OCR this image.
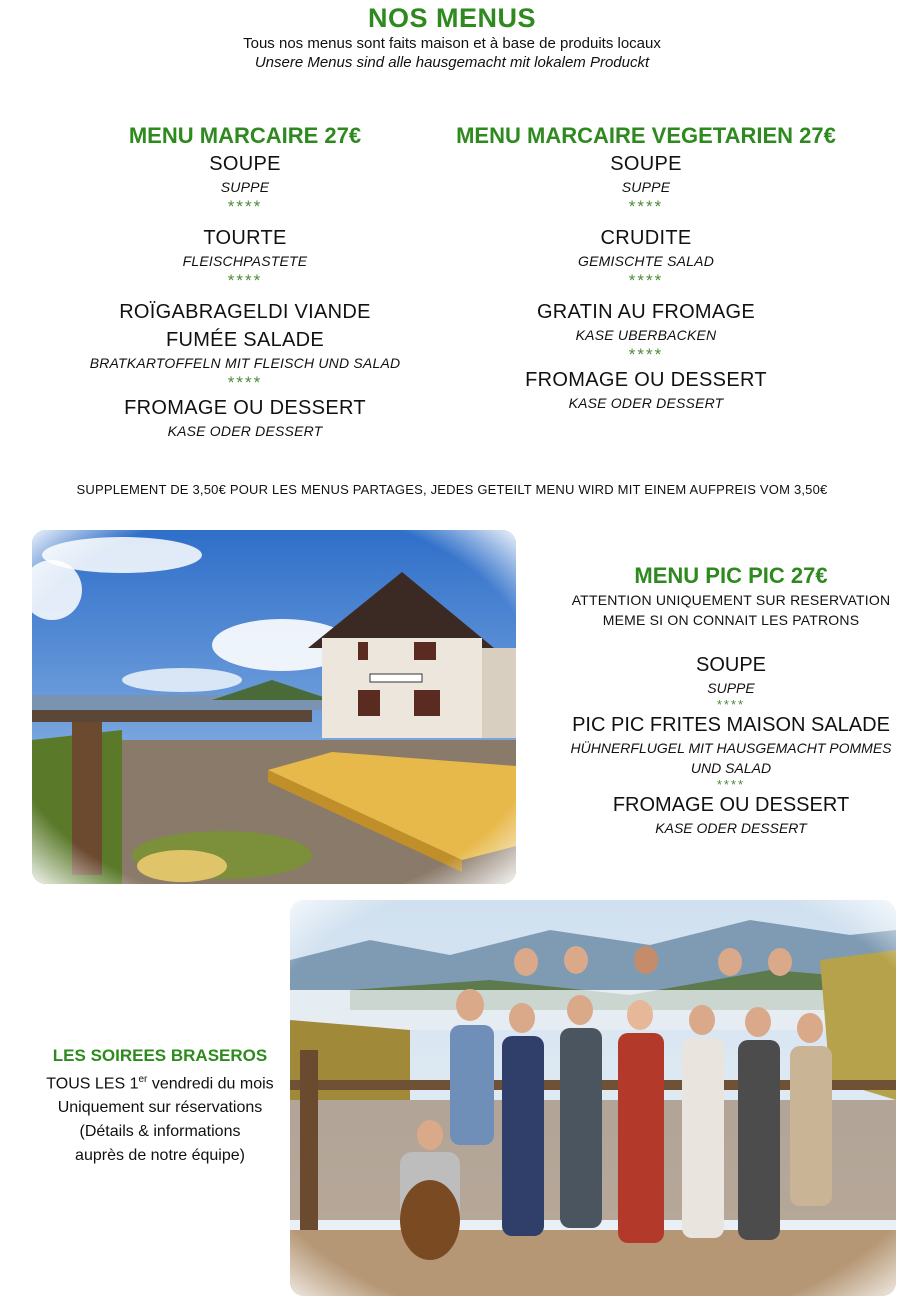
NOS MENUS
Tous nos menus sont faits maison et à base de produits locaux
Unsere Menus sind alle hausgemacht mit lokalem Produckt
MENU MARCAIRE 27€
SOUPE
SUPPE
****
TOURTE
FLEISCHPASTETE
****
ROÏGABRAGELDI VIANDE
FUMÉE SALADE
BRATKARTOFFELN MIT FLEISCH UND SALAD
****
FROMAGE OU DESSERT
KASE ODER DESSERT
MENU MARCAIRE VEGETARIEN 27€
SOUPE
SUPPE
****
CRUDITE
GEMISCHTE SALAD
****
GRATIN AU FROMAGE
KASE UBERBACKEN
****
FROMAGE OU DESSERT
KASE ODER DESSERT
SUPPLEMENT DE 3,50€ POUR LES MENUS PARTAGES, JEDES GETEILT MENU WIRD MIT EINEM AUFPREIS VOM 3,50€
MENU PIC PIC 27€
ATTENTION UNIQUEMENT SUR RESERVATION
MEME SI ON CONNAIT LES PATRONS
SOUPE
SUPPE
****
PIC PIC FRITES MAISON SALADE
HÜHNERFLUGEL MIT HAUSGEMACHT POMMES
UND SALAD
****
FROMAGE OU DESSERT
KASE ODER DESSERT
LES SOIREES BRASEROS
TOUS LES 1er vendredi du mois
Uniquement sur réservations
(Détails & informations
auprès de notre équipe)
